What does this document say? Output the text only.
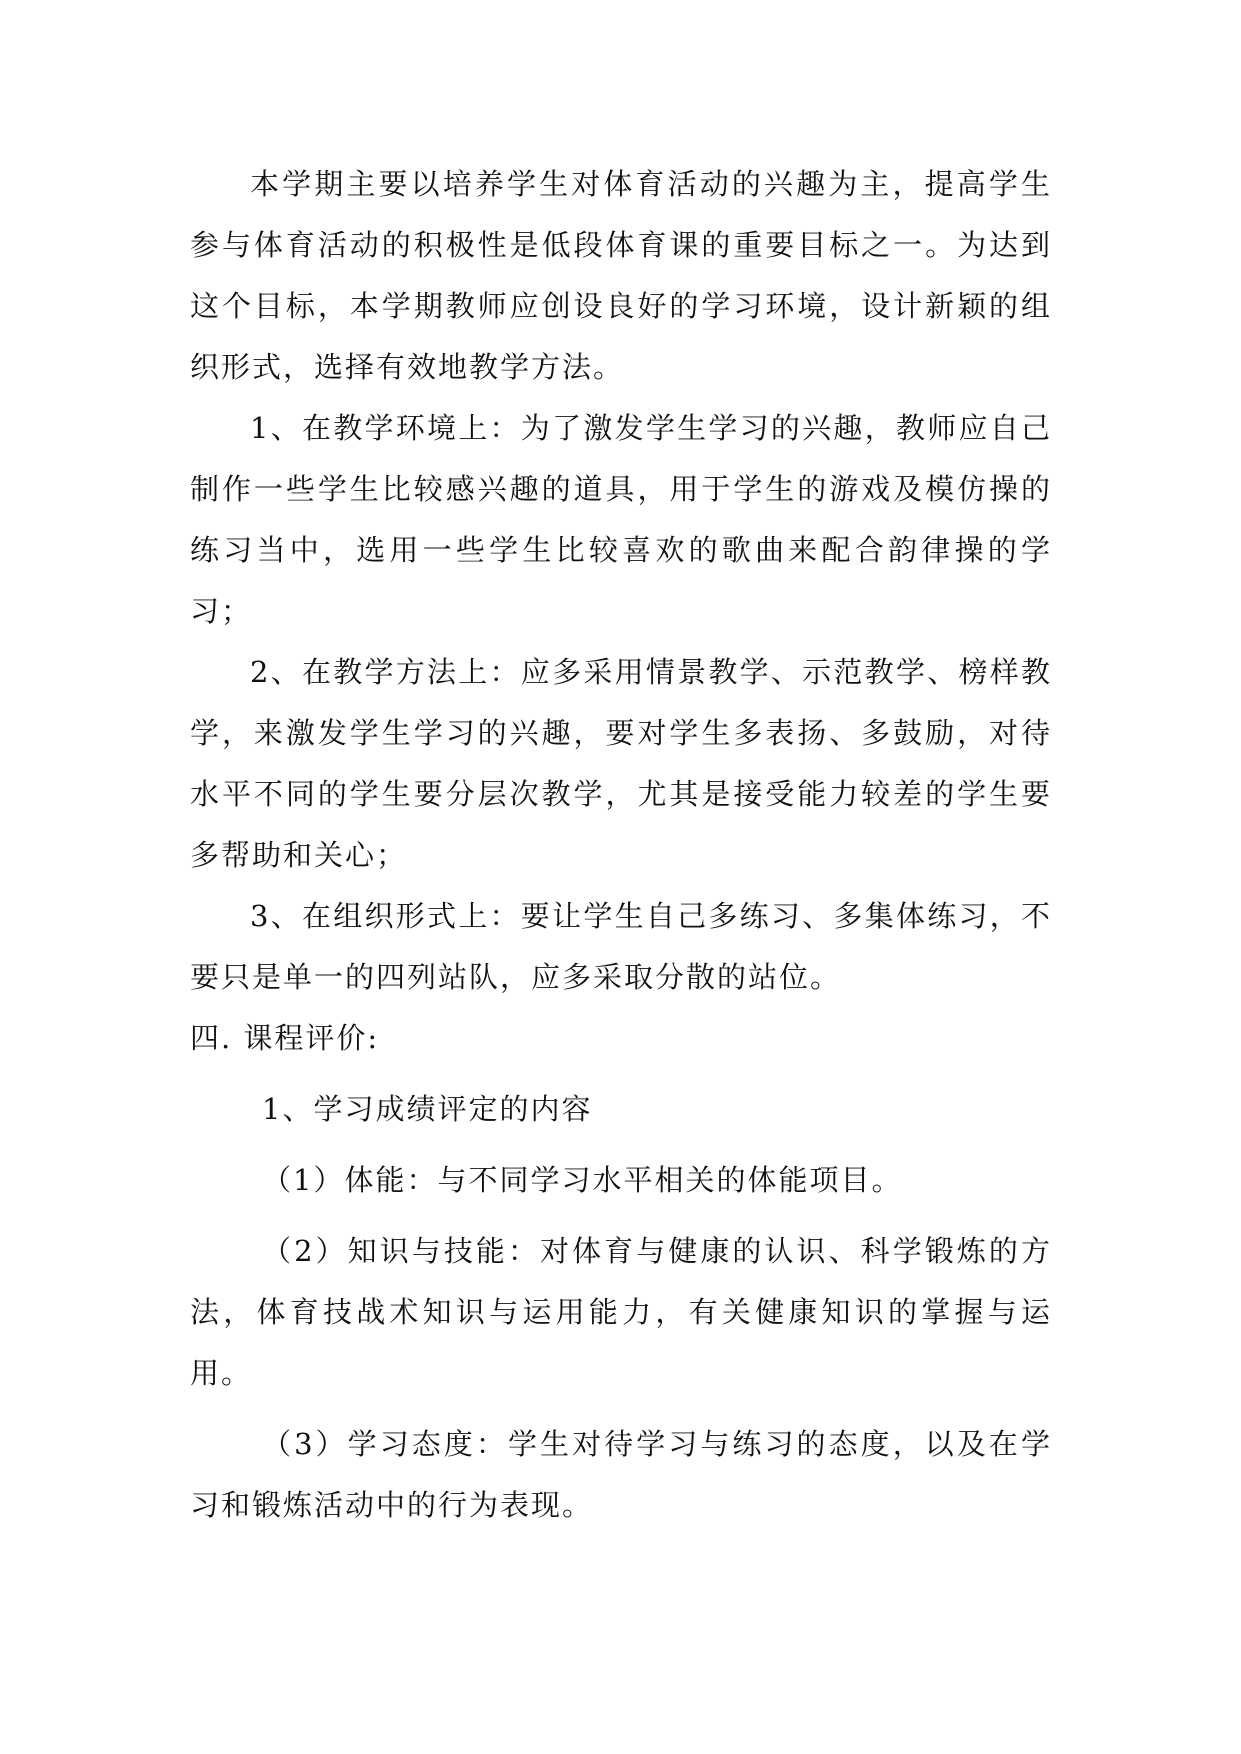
本学期主要以培养学生对体育活动的兴趣为主，提高学生参与体育活动的积极性是低段体育课的重要目标之一。为达到这个目标，本学期教师应创设良好的学习环境，设计新颖的组织形式，选择有效地教学方法。

1、在教学环境上：为了激发学生学习的兴趣，教师应自己制作一些学生比较感兴趣的道具，用于学生的游戏及模仿操的练习当中，选用一些学生比较喜欢的歌曲来配合韵律操的学习；

2、在教学方法上：应多采用情景教学、示范教学、榜样教学，来激发学生学习的兴趣，要对学生多表扬、多鼓励，对待水平不同的学生要分层次教学，尤其是接受能力较差的学生要多帮助和关心；

3、在组织形式上：要让学生自己多练习、多集体练习，不要只是单一的四列站队，应多采取分散的站位。

四. 课程评价:

1、学习成绩评定的内容

（1）体能：与不同学习水平相关的体能项目。

（2）知识与技能：对体育与健康的认识、科学锻炼的方法，体育技战术知识与运用能力，有关健康知识的掌握与运用。

（3）学习态度：学生对待学习与练习的态度，以及在学习和锻炼活动中的行为表现。
